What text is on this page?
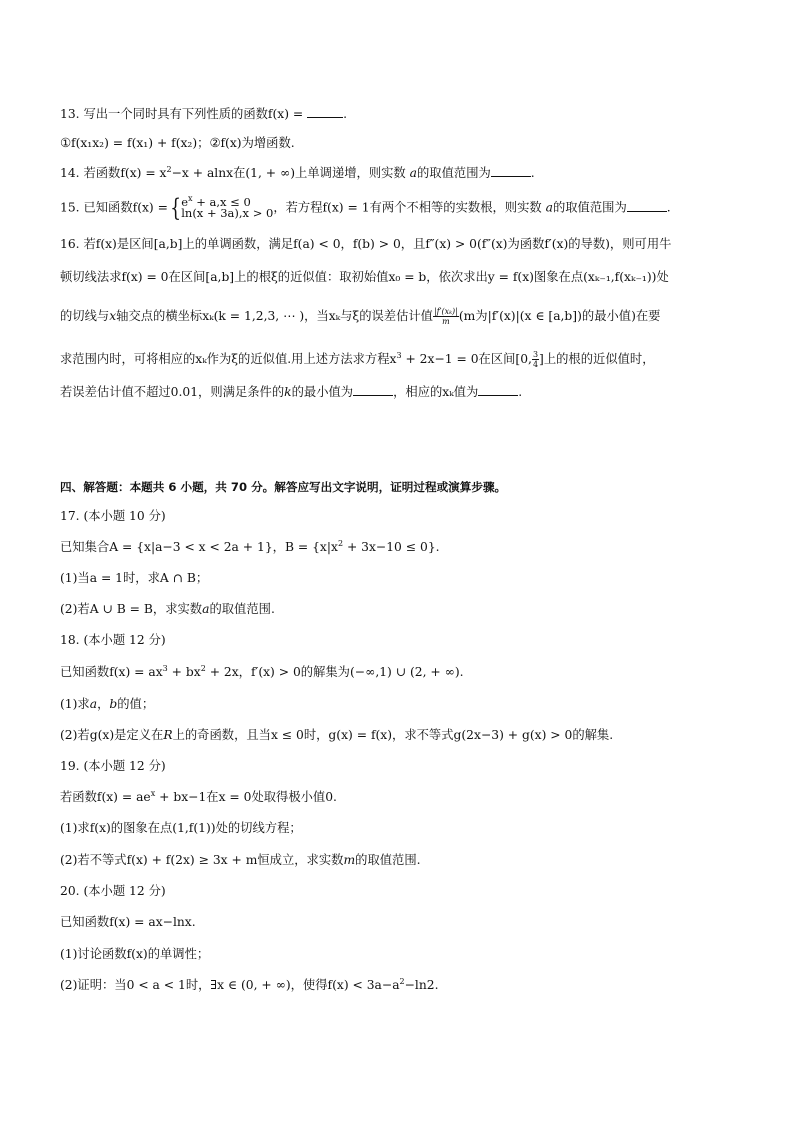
13. 写出一个同时具有下列性质的函数f(x) =	.
①f(x₁x₂) = f(x₁) + f(x₂)；②f(x)为增函数.
14. 若函数$f(x) = x^2-x + alnx$在(1, + ∞)上单调递增，则实数 a的取值范围为	.
15. 已知函数f(x) ={ $e^x + a,x \le 0$
ln(x + 3a),x > 0 ，若方程f(x) = 1有两个不相等的实数根，则实数 a的取值范围为	.
16. 若f(x)是区间[a,b]上的单调函数，满足f(a) < 0，f(b) > 0，且f″(x) > 0(f″(x)为函数f′(x)的导数)，则可用牛
顿切线法求f(x) = 0在区间[a,b]上的根ξ的近似值：取初始值x₀ = b，依次求出y = f(x)图象在点(xₖ₋₁,f(xₖ₋₁))处
的切线与x轴交点的横坐标xₖ(k = 1,2,3, ⋯ )，当xₖ与ξ的误差估计值 $\frac{\text{|f′(xₖ)|}}{m} (m$为|f′(x)|(x ∈ [a,b])的最小值)在要
求范围内时，可将相应的xₖ作为ξ的近似值.用上述方法求方程$x^3 + 2x-1 = 0$在区间[0, $\frac{3}{4}$ ]上的根的近似值时，
若误差估计值不超过0.01，则满足条件的k的最小值为	，相应的xₖ值为	.
四、解答题：本题共 6 小题，共 70 分。解答应写出文字说明，证明过程或演算步骤。
17. (本小题 10 分)
已知集合A = {x|a−3 < x < 2a + 1}，$B = \{x|x^2 + 3x-10 \le 0\}$.
(1)当a = 1时，求A ∩ B；
(2)若A ∪ B = B，求实数a的取值范围.
18. (本小题 12 分)
已知函数$f(x) = ax^3 + bx^2 + 2x$，f′(x) > 0的解集为(−∞,1) ∪ (2, + ∞).
(1)求a，b的值；
(2)若g(x)是定义在R上的奇函数，且当x ≤ 0时，g(x) = f(x)，求不等式g(2x−3) + g(x) > 0的解集.
19. (本小题 12 分)
若函数$f(x) = ae^x + bx-1$在x = 0处取得极小值0.
(1)求f(x)的图象在点(1,f(1))处的切线方程；
(2)若不等式f(x) + f(2x) ≥ 3x + m恒成立，求实数m的取值范围.
20. (本小题 12 分)
已知函数f(x) = ax−lnx.
(1)讨论函数f(x)的单调性；
(2)证明：当0 < a < 1时，∃x ∈ (0, + ∞)，使得$f(x) < 3a-a^2-\ln 2$.
